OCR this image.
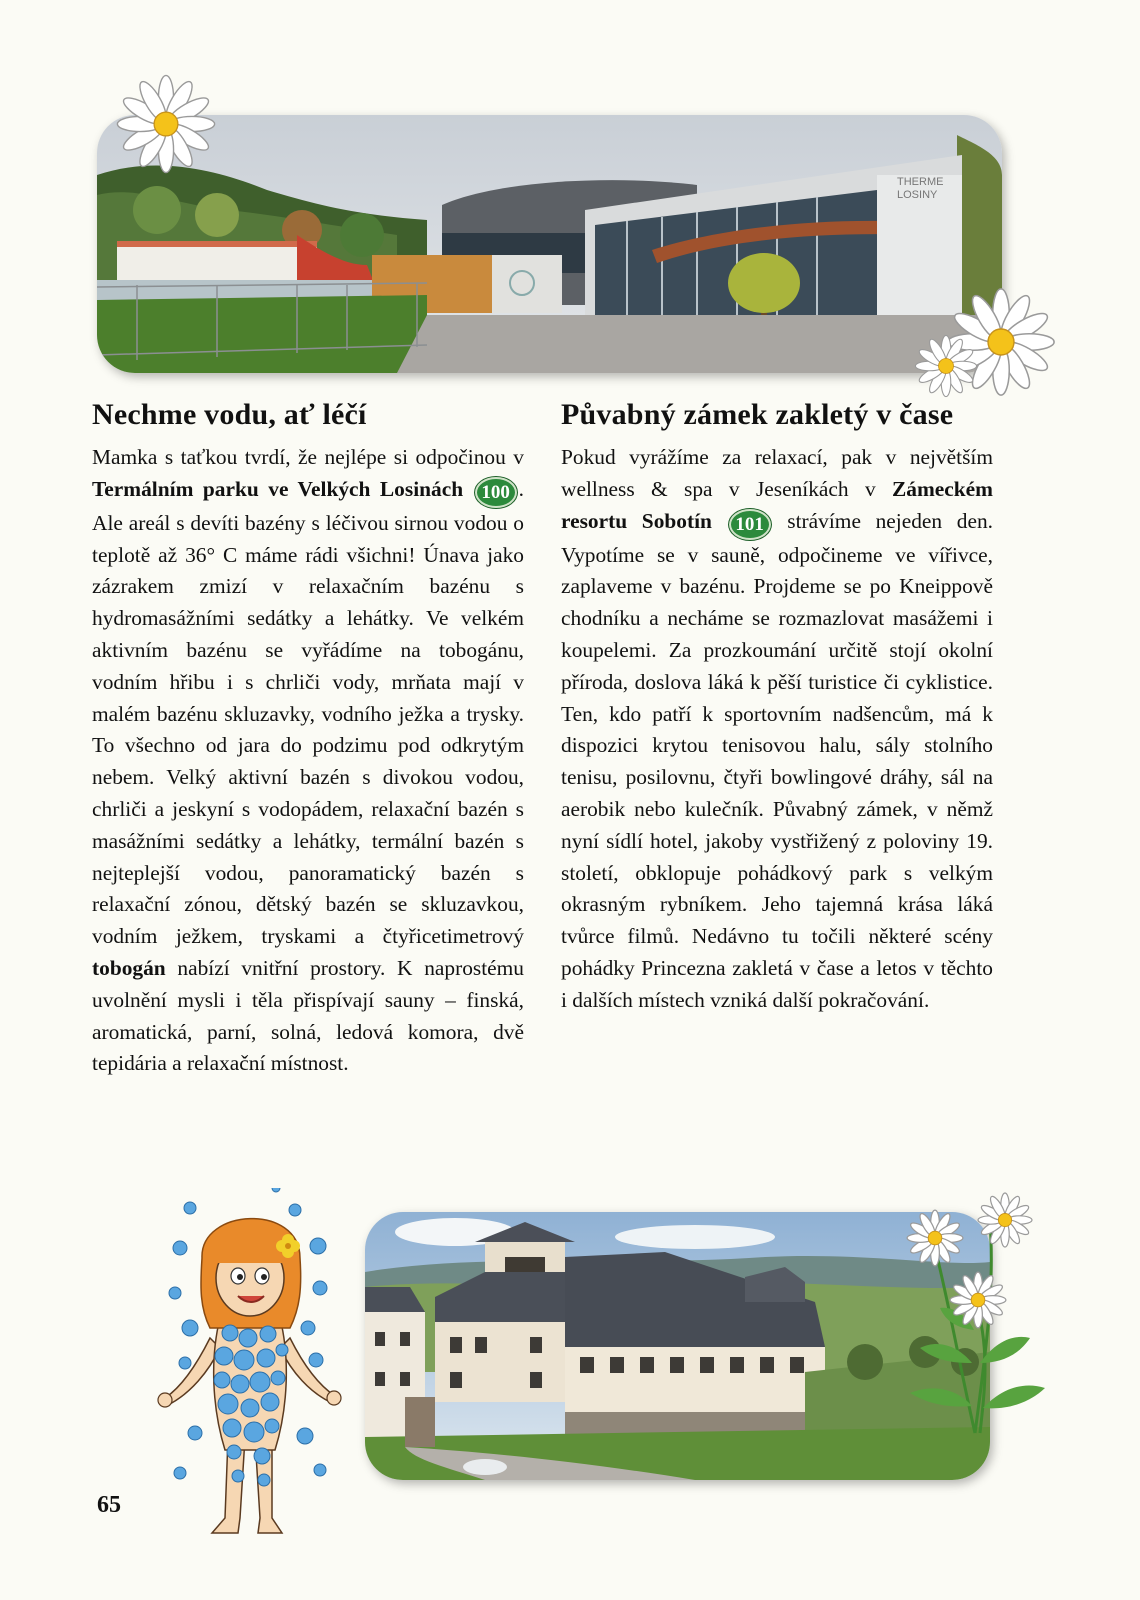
THERME
LOSINY
Nechme vodu, ať léčí

Mamka s taťkou tvrdí, že nejlépe si odpočinou v Termálním parku ve Velkých Losinách 100 . Ale areál s devíti bazény s léčivou sirnou vodou o teplotě až 36° C máme rádi všichni! Únava jako zázrakem zmizí v relaxačním bazénu s hydromasážními sedátky a lehátky. Ve velkém aktivním bazénu se vyřádíme na tobogánu, vodním hřibu i s chrliči vody, mrňata mají v malém bazénu skluzavky, vodního ježka a trysky. To všechno od jara do podzimu pod odkrytým nebem. Velký aktivní bazén s divokou vodou, chrliči a jeskyní s vodopádem, relaxační bazén s masážními sedátky a lehátky, termální bazén s nejteplejší vodou, panoramatický bazén s relaxační zónou, dětský bazén se skluzavkou, vodním ježkem, tryskami a čtyřicetimetrový tobogán nabízí vnitřní prostory. K naprostému uvolnění mysli i těla přispívají sauny – finská, aromatická, parní, solná, ledová komora, dvě tepidária a relaxační místnost.

Půvabný zámek zakletý v čase

Pokud vyrážíme za relaxací, pak v největším wellness & spa v Jeseníkách v Zámeckém resortu Sobotín 101 strávíme nejeden den. Vypotíme se v sauně, odpočineme ve vířivce, zaplaveme v bazénu. Projdeme se po Kneippově chodníku a necháme se rozmazlovat masážemi i koupelemi. Za prozkoumání určitě stojí okolní příroda, doslova láká k pěší turistice či cyklistice. Ten, kdo patří k sportovním nadšencům, má k dispozici krytou tenisovou halu, sály stolního tenisu, posilovnu, čtyři bowlingové dráhy, sál na aerobik nebo kulečník. Půvabný zámek, v němž nyní sídlí hotel, jakoby vystřižený z poloviny 19. století, obklopuje pohádkový park s velkým okrasným rybníkem. Jeho tajemná krása láká tvůrce filmů. Nedávno tu točili některé scény pohádky Princezna zakletá v čase a letos v těchto i dalších místech vzniká další pokračování.

65
